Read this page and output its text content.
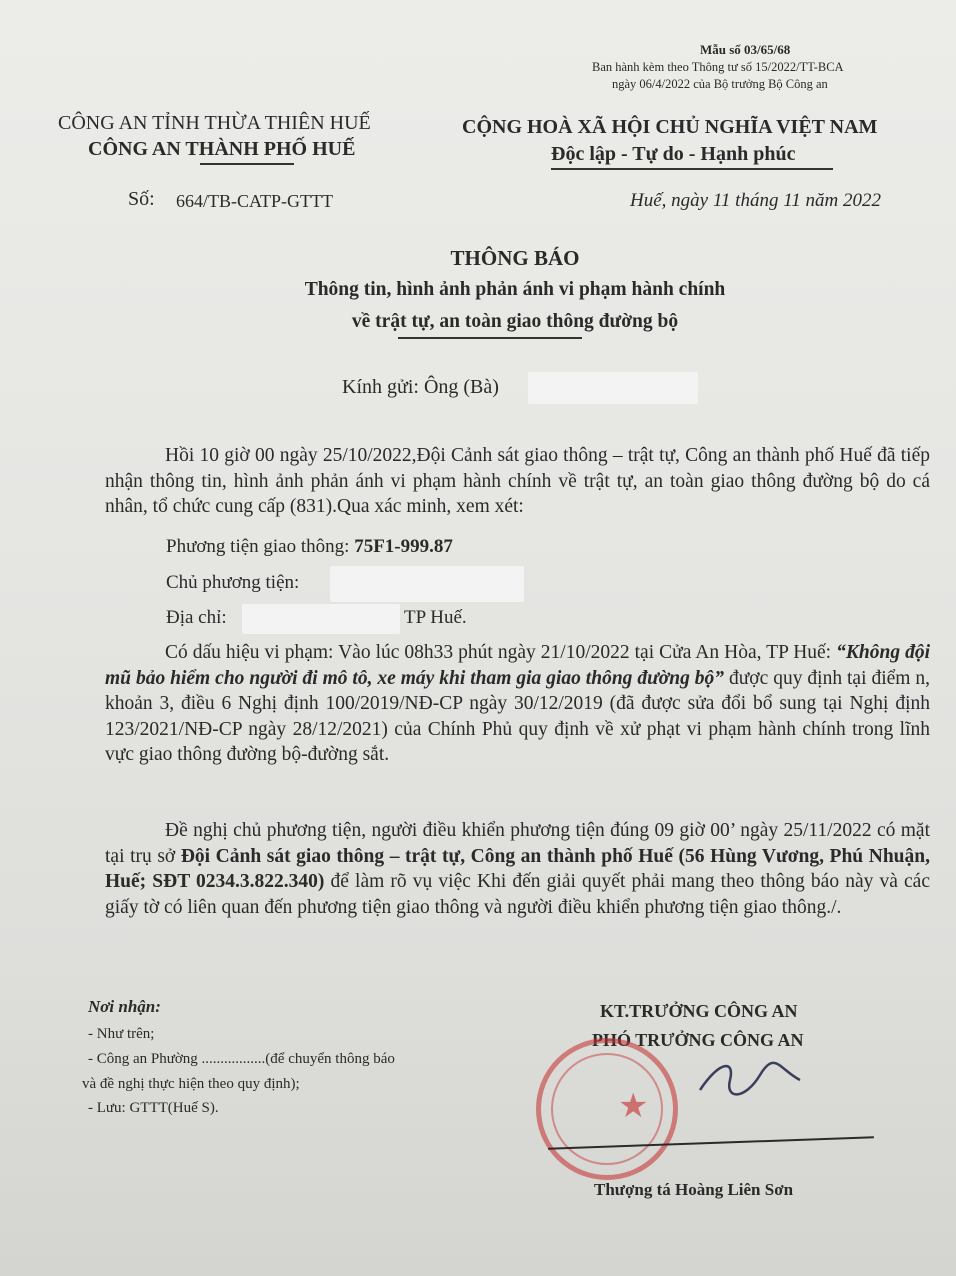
Mẫu số 03/65/68
Ban hành kèm theo Thông tư số 15/2022/TT-BCA
ngày 06/4/2022 của Bộ trưởng Bộ Công an
CÔNG AN TỈNH THỪA THIÊN HUẾ
CÔNG AN THÀNH PHỐ HUẾ
CỘNG HOÀ XÃ HỘI CHỦ NGHĨA VIỆT NAM
Độc lập - Tự do - Hạnh phúc
Số: 664/TB-CATP-GTTT	Huế, ngày 11 tháng 11 năm 2022
THÔNG BÁO
Thông tin, hình ảnh phản ánh vi phạm hành chính
về trật tự, an toàn giao thông đường bộ
Kính gửi: Ông (Bà)
Hồi 10 giờ 00 ngày 25/10/2022,Đội Cảnh sát giao thông – trật tự, Công an thành phố Huế đã tiếp nhận thông tin, hình ảnh phản ánh vi phạm hành chính về trật tự, an toàn giao thông đường bộ do cá nhân, tổ chức cung cấp (831).Qua xác minh, xem xét:
Phương tiện giao thông: 75F1-999.87
Chủ phương tiện:
Địa chỉ:	TP Huế.
Có dấu hiệu vi phạm: Vào lúc 08h33 phút ngày 21/10/2022 tại Cửa An Hòa, TP Huế: “Không đội mũ bảo hiểm cho người đi mô tô, xe máy khi tham gia giao thông đường bộ” được quy định tại điểm n, khoản 3, điều 6 Nghị định 100/2019/NĐ-CP ngày 30/12/2019 (đã được sửa đổi bổ sung tại Nghị định 123/2021/NĐ-CP ngày 28/12/2021) của Chính Phủ quy định về xử phạt vi phạm hành chính trong lĩnh vực giao thông đường bộ-đường sắt.
Đề nghị chủ phương tiện, người điều khiển phương tiện đúng 09 giờ 00’ ngày 25/11/2022 có mặt tại trụ sở Đội Cảnh sát giao thông – trật tự, Công an thành phố Huế (56 Hùng Vương, Phú Nhuận, Huế; SĐT 0234.3.822.340) để làm rõ vụ việc Khi đến giải quyết phải mang theo thông báo này và các giấy tờ có liên quan đến phương tiện giao thông và người điều khiển phương tiện giao thông./.
Nơi nhận:
- Như trên;
- Công an Phường .................(để chuyển thông báo
và đề nghị thực hiện theo quy định);
- Lưu: GTTT(Huế S).
KT.TRƯỞNG CÔNG AN
PHÓ TRƯỞNG CÔNG AN
★
Thượng tá Hoàng Liên Sơn
